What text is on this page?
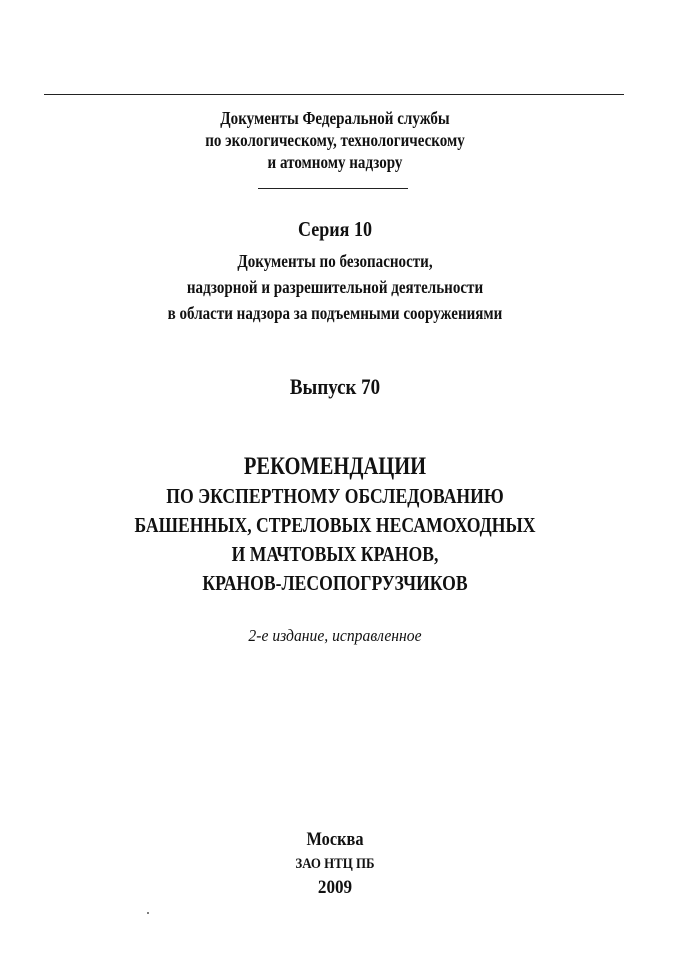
Документы Федеральной службы
по экологическому, технологическому
и атомному надзору
Серия 10
Документы по безопасности,
надзорной и разрешительной деятельности
в области надзора за подъемными сооружениями
Выпуск 70
РЕКОМЕНДАЦИИ
ПО ЭКСПЕРТНОМУ ОБСЛЕДОВАНИЮ
БАШЕННЫХ, СТРЕЛОВЫХ НЕСАМОХОДНЫХ
И МАЧТОВЫХ КРАНОВ,
КРАНОВ-ЛЕСОПОГРУЗЧИКОВ
2-е издание, исправленное
Москва
ЗАО НТЦ ПБ
2009
